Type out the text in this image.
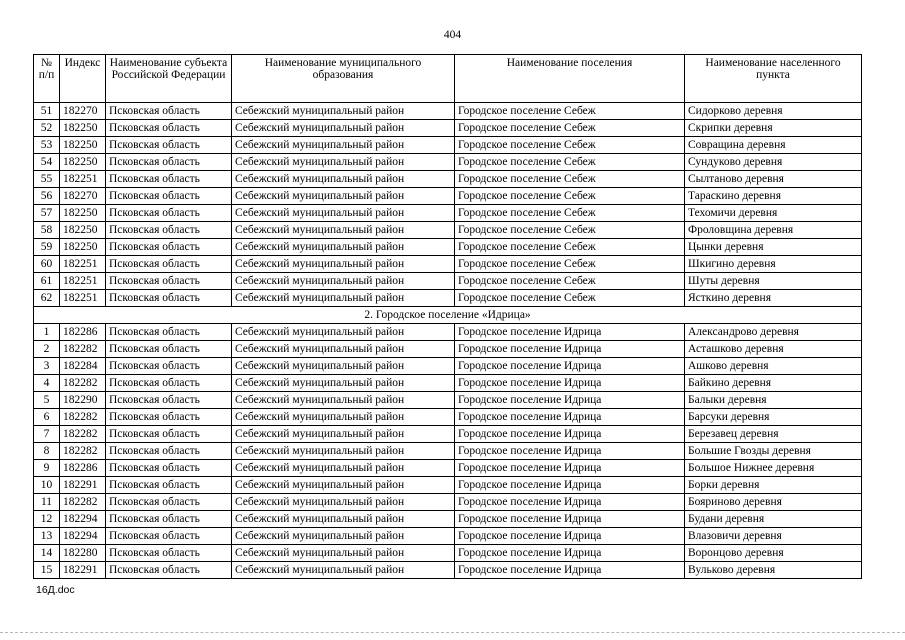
404
№ п/п	Индекс	Наименование субъекта Российской Федерации	Наименование муниципального образования	Наименование поселения	Наименование населенного пункта
51	182270	Псковская область	Себежский муниципальный район	Городское поселение Себеж	Сидорково деревня
52	182250	Псковская область	Себежский муниципальный район	Городское поселение Себеж	Скрипки деревня
53	182250	Псковская область	Себежский муниципальный район	Городское поселение Себеж	Совращина деревня
54	182250	Псковская область	Себежский муниципальный район	Городское поселение Себеж	Сундуково деревня
55	182251	Псковская область	Себежский муниципальный район	Городское поселение Себеж	Сылтаново деревня
56	182270	Псковская область	Себежский муниципальный район	Городское поселение Себеж	Тараскино деревня
57	182250	Псковская область	Себежский муниципальный район	Городское поселение Себеж	Техомичи деревня
58	182250	Псковская область	Себежский муниципальный район	Городское поселение Себеж	Фроловщина деревня
59	182250	Псковская область	Себежский муниципальный район	Городское поселение Себеж	Цынки деревня
60	182251	Псковская область	Себежский муниципальный район	Городское поселение Себеж	Шкигино деревня
61	182251	Псковская область	Себежский муниципальный район	Городское поселение Себеж	Шуты деревня
62	182251	Псковская область	Себежский муниципальный район	Городское поселение Себеж	Ясткино деревня
2. Городское поселение «Идрица»					
1	182286	Псковская область	Себежский муниципальный район	Городское поселение Идрица	Александрово деревня
2	182282	Псковская область	Себежский муниципальный район	Городское поселение Идрица	Асташково деревня
3	182284	Псковская область	Себежский муниципальный район	Городское поселение Идрица	Ашково деревня
4	182282	Псковская область	Себежский муниципальный район	Городское поселение Идрица	Байкино деревня
5	182290	Псковская область	Себежский муниципальный район	Городское поселение Идрица	Балыки деревня
6	182282	Псковская область	Себежский муниципальный район	Городское поселение Идрица	Барсуки деревня
7	182282	Псковская область	Себежский муниципальный район	Городское поселение Идрица	Березавец деревня
8	182282	Псковская область	Себежский муниципальный район	Городское поселение Идрица	Большие Гвозды деревня
9	182286	Псковская область	Себежский муниципальный район	Городское поселение Идрица	Большое Нижнее деревня
10	182291	Псковская область	Себежский муниципальный район	Городское поселение Идрица	Борки деревня
11	182282	Псковская область	Себежский муниципальный район	Городское поселение Идрица	Бояриново деревня
12	182294	Псковская область	Себежский муниципальный район	Городское поселение Идрица	Будани деревня
13	182294	Псковская область	Себежский муниципальный район	Городское поселение Идрица	Влазовичи деревня
14	182280	Псковская область	Себежский муниципальный район	Городское поселение Идрица	Воронцово деревня
15	182291	Псковская область	Себежский муниципальный район	Городское поселение Идрица	Вульково деревня
16Д.doc
